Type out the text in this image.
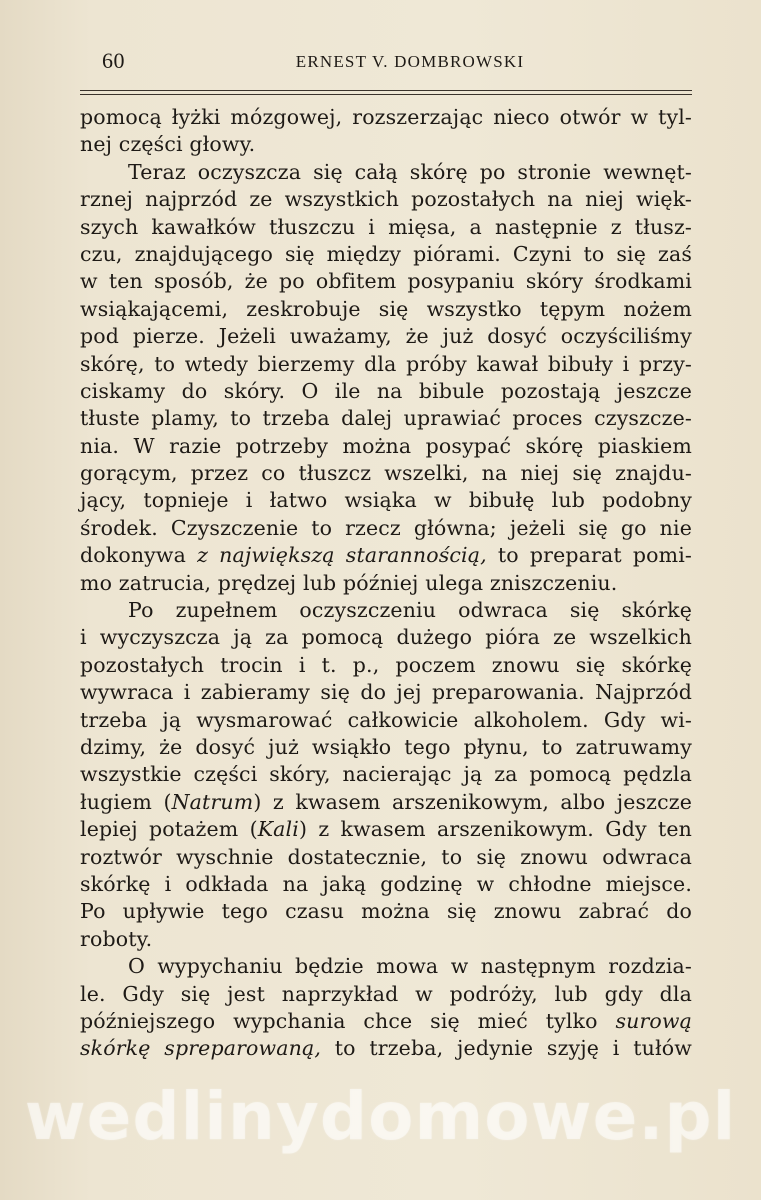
60	ERNEST V. DOMBROWSKI
pomocą łyżki mózgowej, rozszerzając nieco otwór w tyl-
nej części głowy.
Teraz oczyszcza się całą skórę po stronie wewnęt-
rznej najprzód ze wszystkich pozostałych na niej więk-
szych kawałków tłuszczu i mięsa, a następnie z tłusz-
czu, znajdującego się między piórami. Czyni to się zaś
w ten sposób, że po obfitem posypaniu skóry środkami
wsiąkającemi, zeskrobuje się wszystko tępym nożem
pod pierze. Jeżeli uważamy, że już dosyć oczyściliśmy
skórę, to wtedy bierzemy dla próby kawał bibuły i przy-
ciskamy do skóry. O ile na bibule pozostają jeszcze
tłuste plamy, to trzeba dalej uprawiać proces czyszcze-
nia. W razie potrzeby można posypać skórę piaskiem
gorącym, przez co tłuszcz wszelki, na niej się znajdu-
jący, topnieje i łatwo wsiąka w bibułę lub podobny
środek. Czyszczenie to rzecz główna; jeżeli się go nie
dokonywa z największą starannością, to preparat pomi-
mo zatrucia, prędzej lub później ulega zniszczeniu.
Po zupełnem oczyszczeniu odwraca się skórkę
i wyczyszcza ją za pomocą dużego pióra ze wszelkich
pozostałych trocin i t. p., poczem znowu się skórkę
wywraca i zabieramy się do jej preparowania. Najprzód
trzeba ją wysmarować całkowicie alkoholem. Gdy wi-
dzimy, że dosyć już wsiąkło tego płynu, to zatruwamy
wszystkie części skóry, nacierając ją za pomocą pędzla
ługiem (Natrum) z kwasem arszenikowym, albo jeszcze
lepiej potażem (Kali) z kwasem arszenikowym. Gdy ten
roztwór wyschnie dostatecznie, to się znowu odwraca
skórkę i odkłada na jaką godzinę w chłodne miejsce.
Po upływie tego czasu można się znowu zabrać do
roboty.
O wypychaniu będzie mowa w następnym rozdzia-
le. Gdy się jest naprzykład w podróży, lub gdy dla
późniejszego wypchania chce się mieć tylko surową
skórkę spreparowaną, to trzeba, jedynie szyję i tułów
wedlinydomowe.pl
